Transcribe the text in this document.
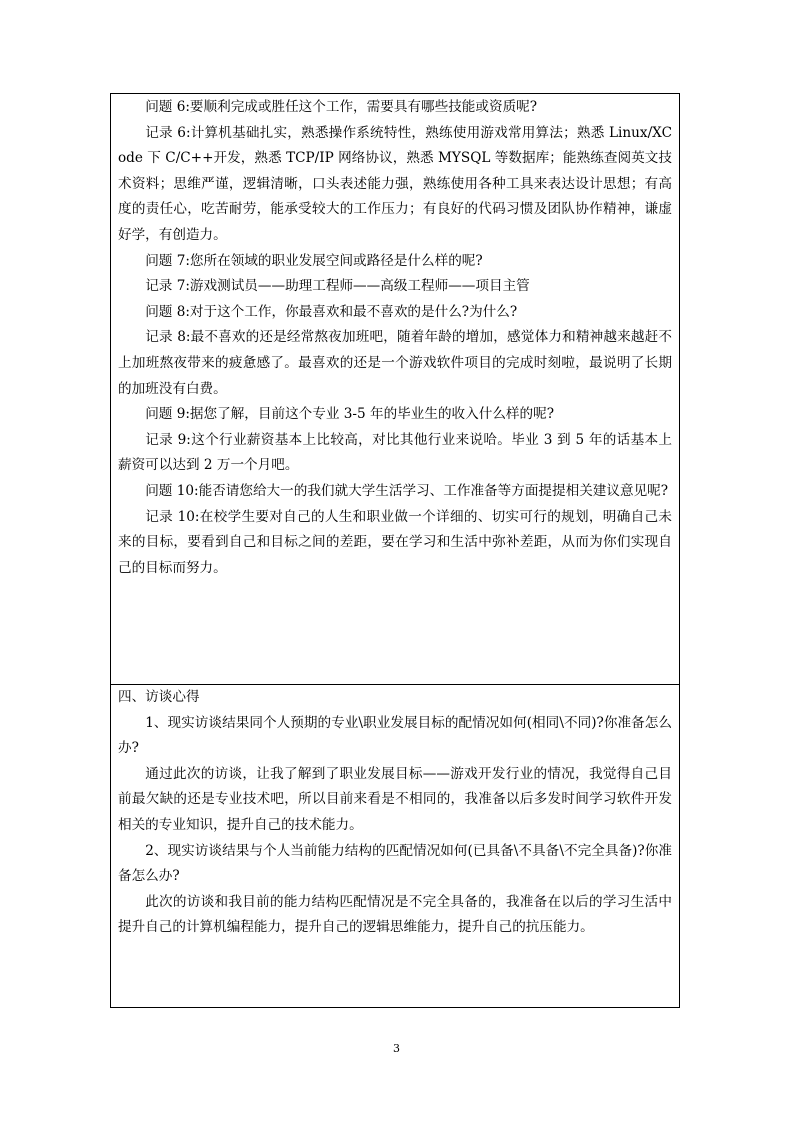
问题 6:要顺利完成或胜任这个工作，需要具有哪些技能或资质呢?

记录 6:计算机基础扎实，熟悉操作系统特性，熟练使用游戏常用算法；熟悉 Linux/XC ode 下 C/C++开发，熟悉 TCP/IP 网络协议，熟悉 MYSQL 等数据库；能熟练查阅英文技术资料；思维严谨，逻辑清晰，口头表述能力强，熟练使用各种工具来表达设计思想；有高度的责任心，吃苦耐劳，能承受较大的工作压力；有良好的代码习惯及团队协作精神，谦虚好学，有创造力。

问题 7:您所在领域的职业发展空间或路径是什么样的呢?

记录 7:游戏测试员——助理工程师——高级工程师——项目主管

问题 8:对于这个工作，你最喜欢和最不喜欢的是什么?为什么?

记录 8:最不喜欢的还是经常熬夜加班吧，随着年龄的增加，感觉体力和精神越来越赶不上加班熬夜带来的疲惫感了。最喜欢的还是一个游戏软件项目的完成时刻啦，最说明了长期的加班没有白费。

问题 9:据您了解，目前这个专业 3-5 年的毕业生的收入什么样的呢?

记录 9:这个行业薪资基本上比较高，对比其他行业来说哈。毕业 3 到 5 年的话基本上薪资可以达到 2 万一个月吧。

问题 10:能否请您给大一的我们就大学生活学习、工作准备等方面提提相关建议意见呢?

记录 10:在校学生要对自己的人生和职业做一个详细的、切实可行的规划，明确自己未来的目标，要看到自己和目标之间的差距，要在学习和生活中弥补差距，从而为你们实现自己的目标而努力。

四、访谈心得

1、现实访谈结果同个人预期的专业\职业发展目标的配情况如何(相同\不同)?你准备怎么办?

通过此次的访谈，让我了解到了职业发展目标——游戏开发行业的情况，我觉得自己目前最欠缺的还是专业技术吧，所以目前来看是不相同的，我准备以后多发时间学习软件开发相关的专业知识，提升自己的技术能力。

2、现实访谈结果与个人当前能力结构的匹配情况如何(已具备\不具备\不完全具备)?你准备怎么办?

此次的访谈和我目前的能力结构匹配情况是不完全具备的，我准备在以后的学习生活中提升自己的计算机编程能力，提升自己的逻辑思维能力，提升自己的抗压能力。

3
